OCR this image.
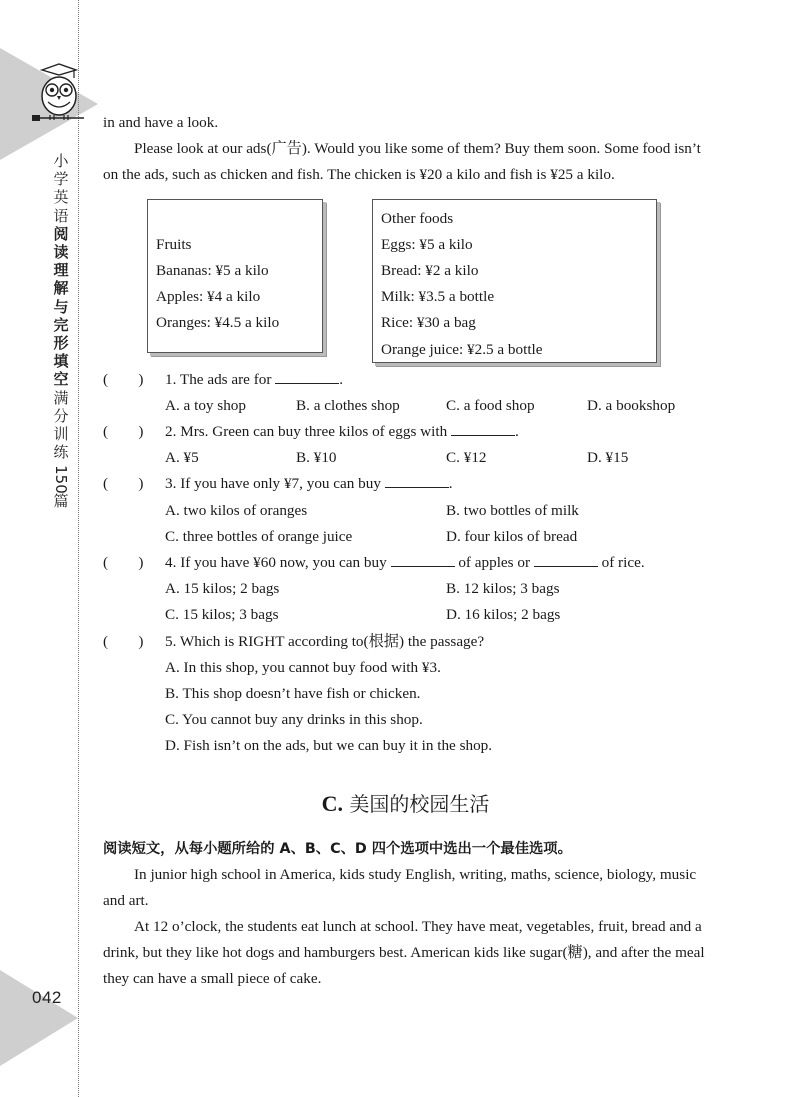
小学英语
阅读理解与完形填空
满分训练
150
篇
042

in and have a look.

Please look at our ads(广告). Would you like some of them? Buy them soon. Some food isn’t on the ads, such as chicken and fish. The chicken is ¥20 a kilo and fish is ¥25 a kilo.

Fruits
Bananas: ¥5 a kilo
Apples: ¥4 a kilo
Oranges: ¥4.5 a kilo
Other foods
Eggs: ¥5 a kilo
Bread: ¥2 a kilo
Milk: ¥3.5 a bottle
Rice: ¥30 a bag
Orange juice: ¥2.5 a bottle
(　　) 1. The ads are for	.
A. a toy shop	B. a clothes shop	C. a food shop	D. a bookshop
(　　) 2. Mrs. Green can buy three kilos of eggs with	.
A. ¥5	B. ¥10	C. ¥12	D. ¥15
(　　) 3. If you have only ¥7, you can buy	.
A. two kilos of oranges	B. two bottles of milk
C. three bottles of orange juice	D. four kilos of bread
(　　) 4. If you have ¥60 now, you can buy	of apples or	of rice.
A. 15 kilos; 2 bags	B. 12 kilos; 3 bags
C. 15 kilos; 3 bags	D. 16 kilos; 2 bags
(　　) 5. Which is RIGHT according to(根据) the passage?
A. In this shop, you cannot buy food with ¥3.
B. This shop doesn’t have fish or chicken.
C. You cannot buy any drinks in this shop.
D. Fish isn’t on the ads, but we can buy it in the shop.
C. 美国的校园生活

阅读短文，从每小题所给的 A、B、C、D 四个选项中选出一个最佳选项。

In junior high school in America, kids study English, writing, maths, science, biology, music and art.

At 12 o’clock, the students eat lunch at school. They have meat, vegetables, fruit, bread and a drink, but they like hot dogs and hamburgers best. American kids like sugar(糖), and after the meal they can have a small piece of cake.
